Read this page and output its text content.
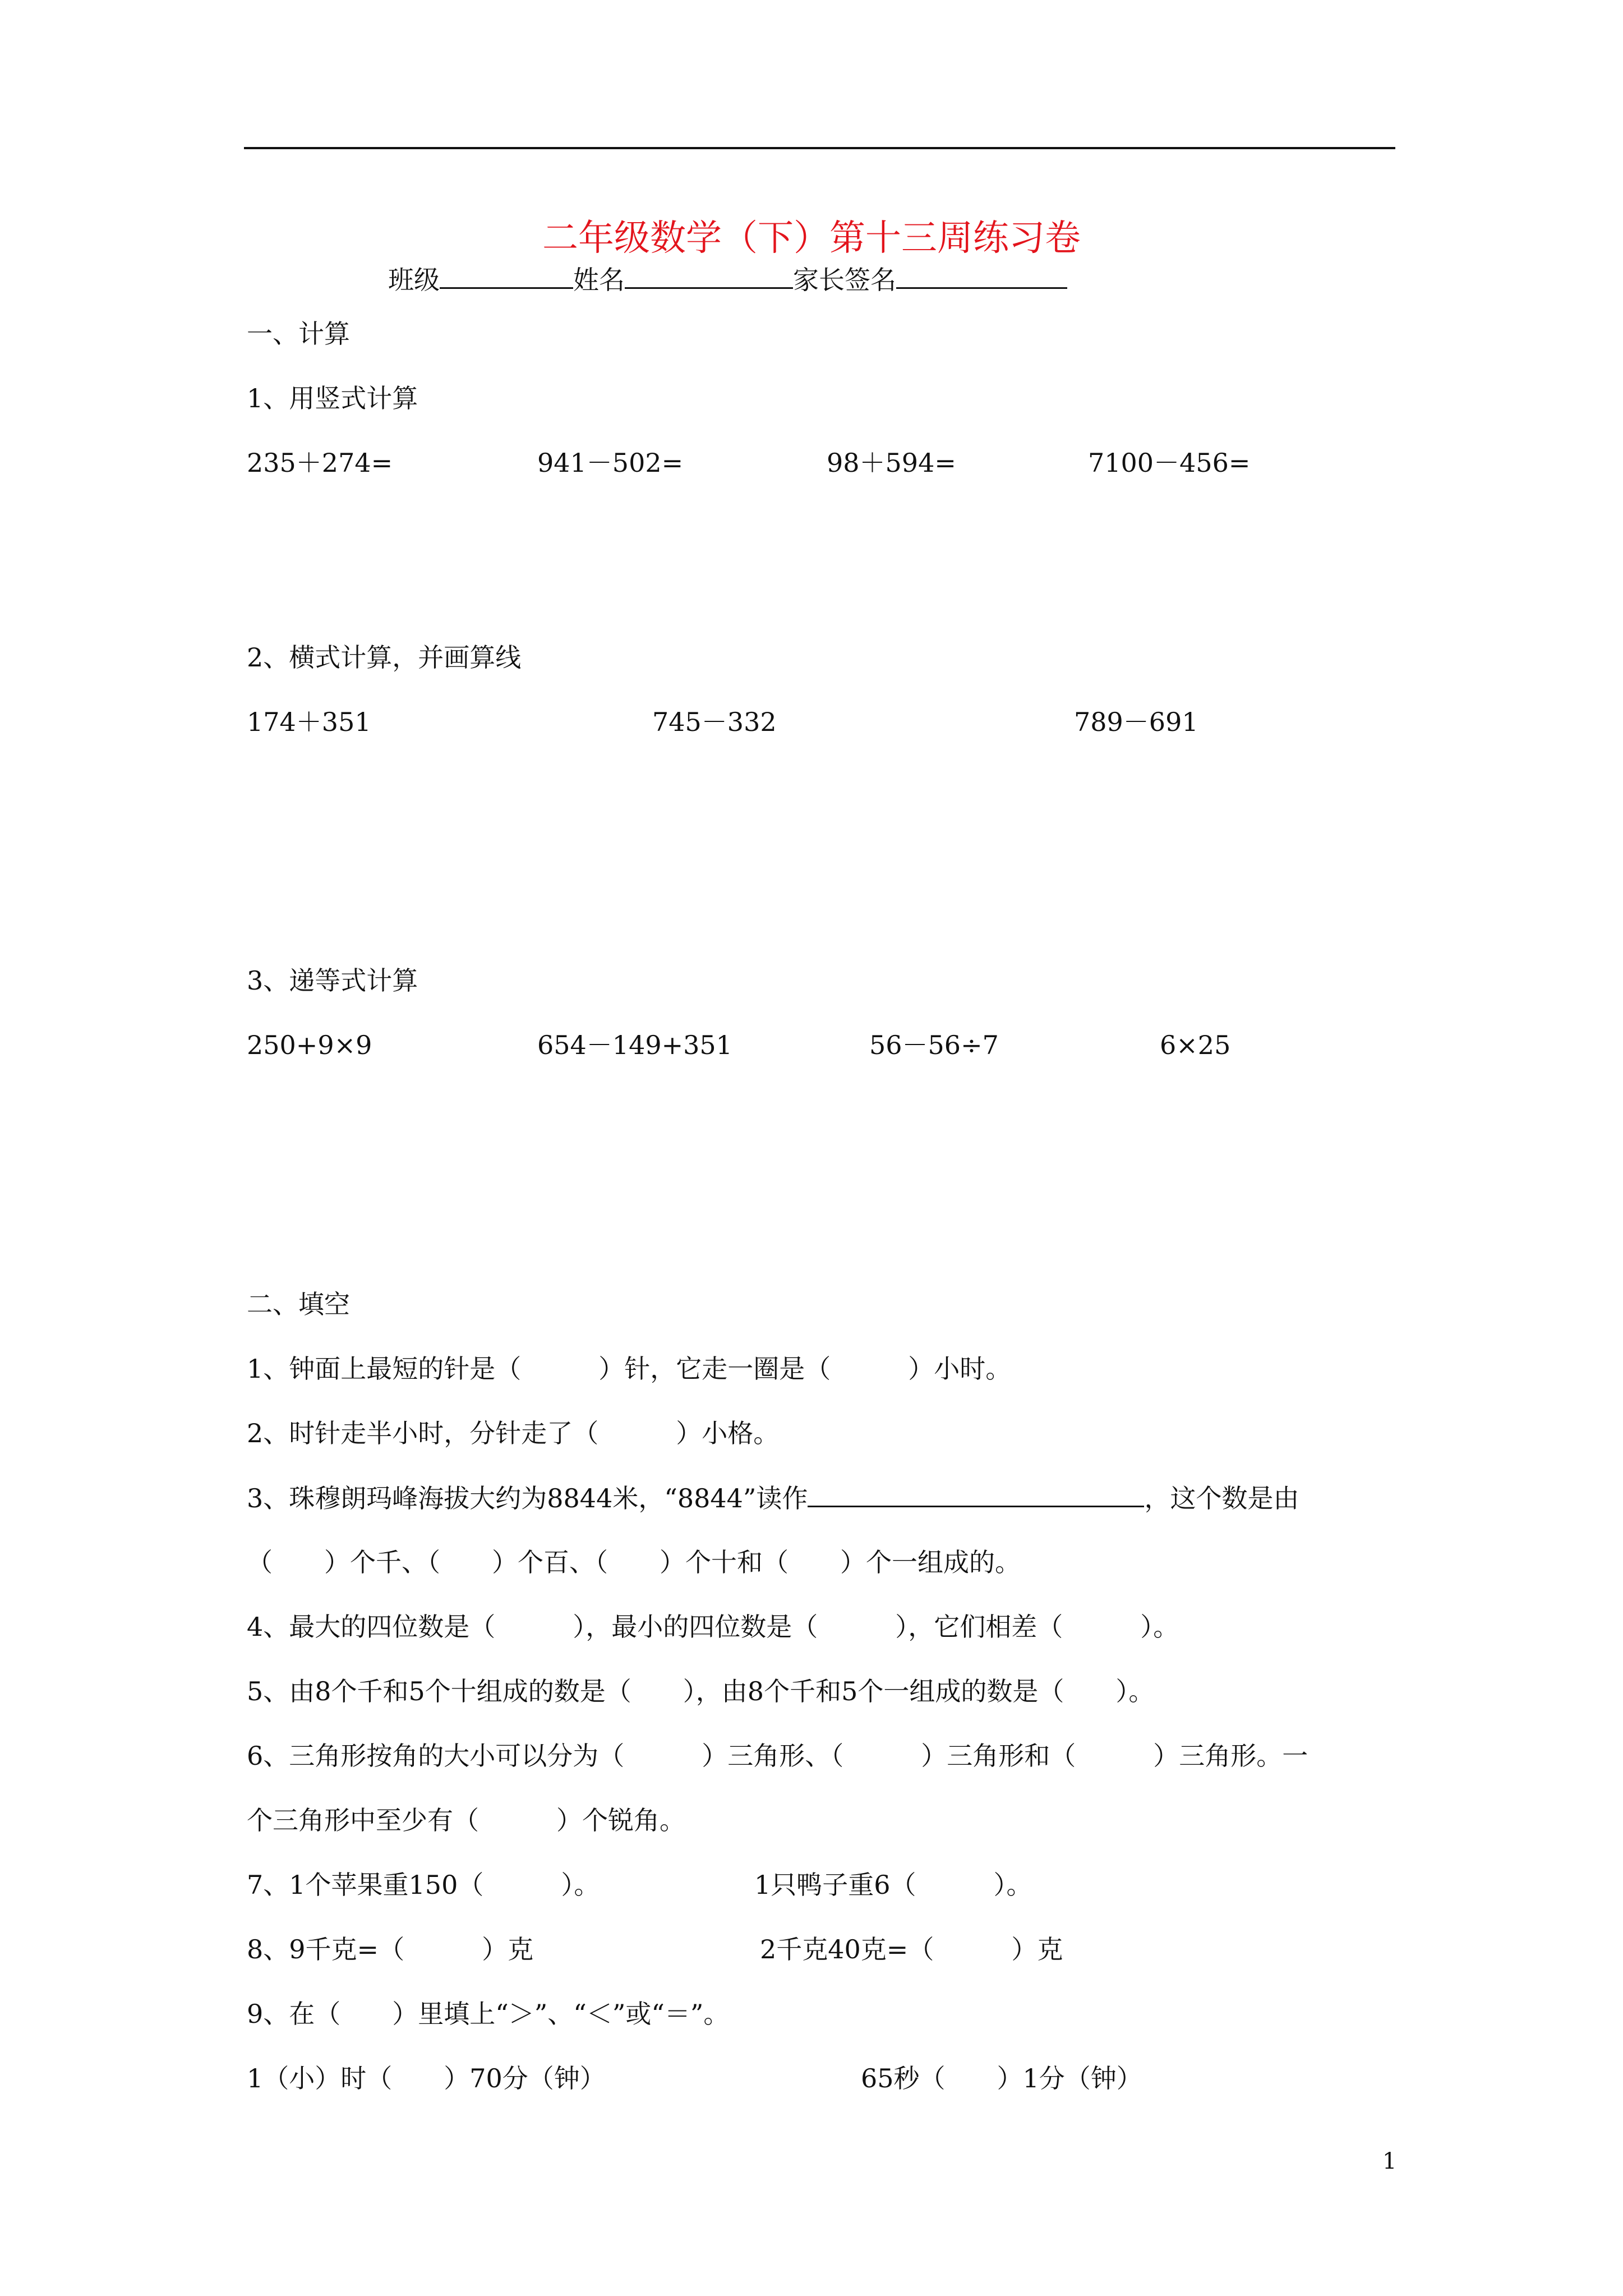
二年级数学（下）第十三周练习卷
班级	姓名	家长签名
一、计算
1、用竖式计算
235＋274=	941－502=	98＋594=	7100－456=
2、横式计算，并画算线
174＋351	745－332	789－691
3、递等式计算
250+9×9	654－149+351	56－56÷7	6×25
二、填空
1、钟面上最短的针是（　　　）针，它走一圈是（　　　）小时。
2、时针走半小时，分针走了（　　　）小格。
3、珠穆朗玛峰海拔大约为8844米，“8844”读作	，这个数是由
（　　）个千、（　　）个百、（　　）个十和（　　）个一组成的。
4、最大的四位数是（　　　），最小的四位数是（　　　），它们相差（　　　）。
5、由8个千和5个十组成的数是（　　），由8个千和5个一组成的数是（　　）。
6、三角形按角的大小可以分为（　　　）三角形、（　　　）三角形和（　　　）三角形。一
个三角形中至少有（　　　）个锐角。
7、1个苹果重150（　　　）。	1只鸭子重6（　　　）。
8、9千克=（　　　）克	2千克40克=（　　　）克
9、在（　　）里填上“＞”、“＜”或“＝”。
1（小）时（　　）70分（钟）	65秒（　　）1分（钟）
1
